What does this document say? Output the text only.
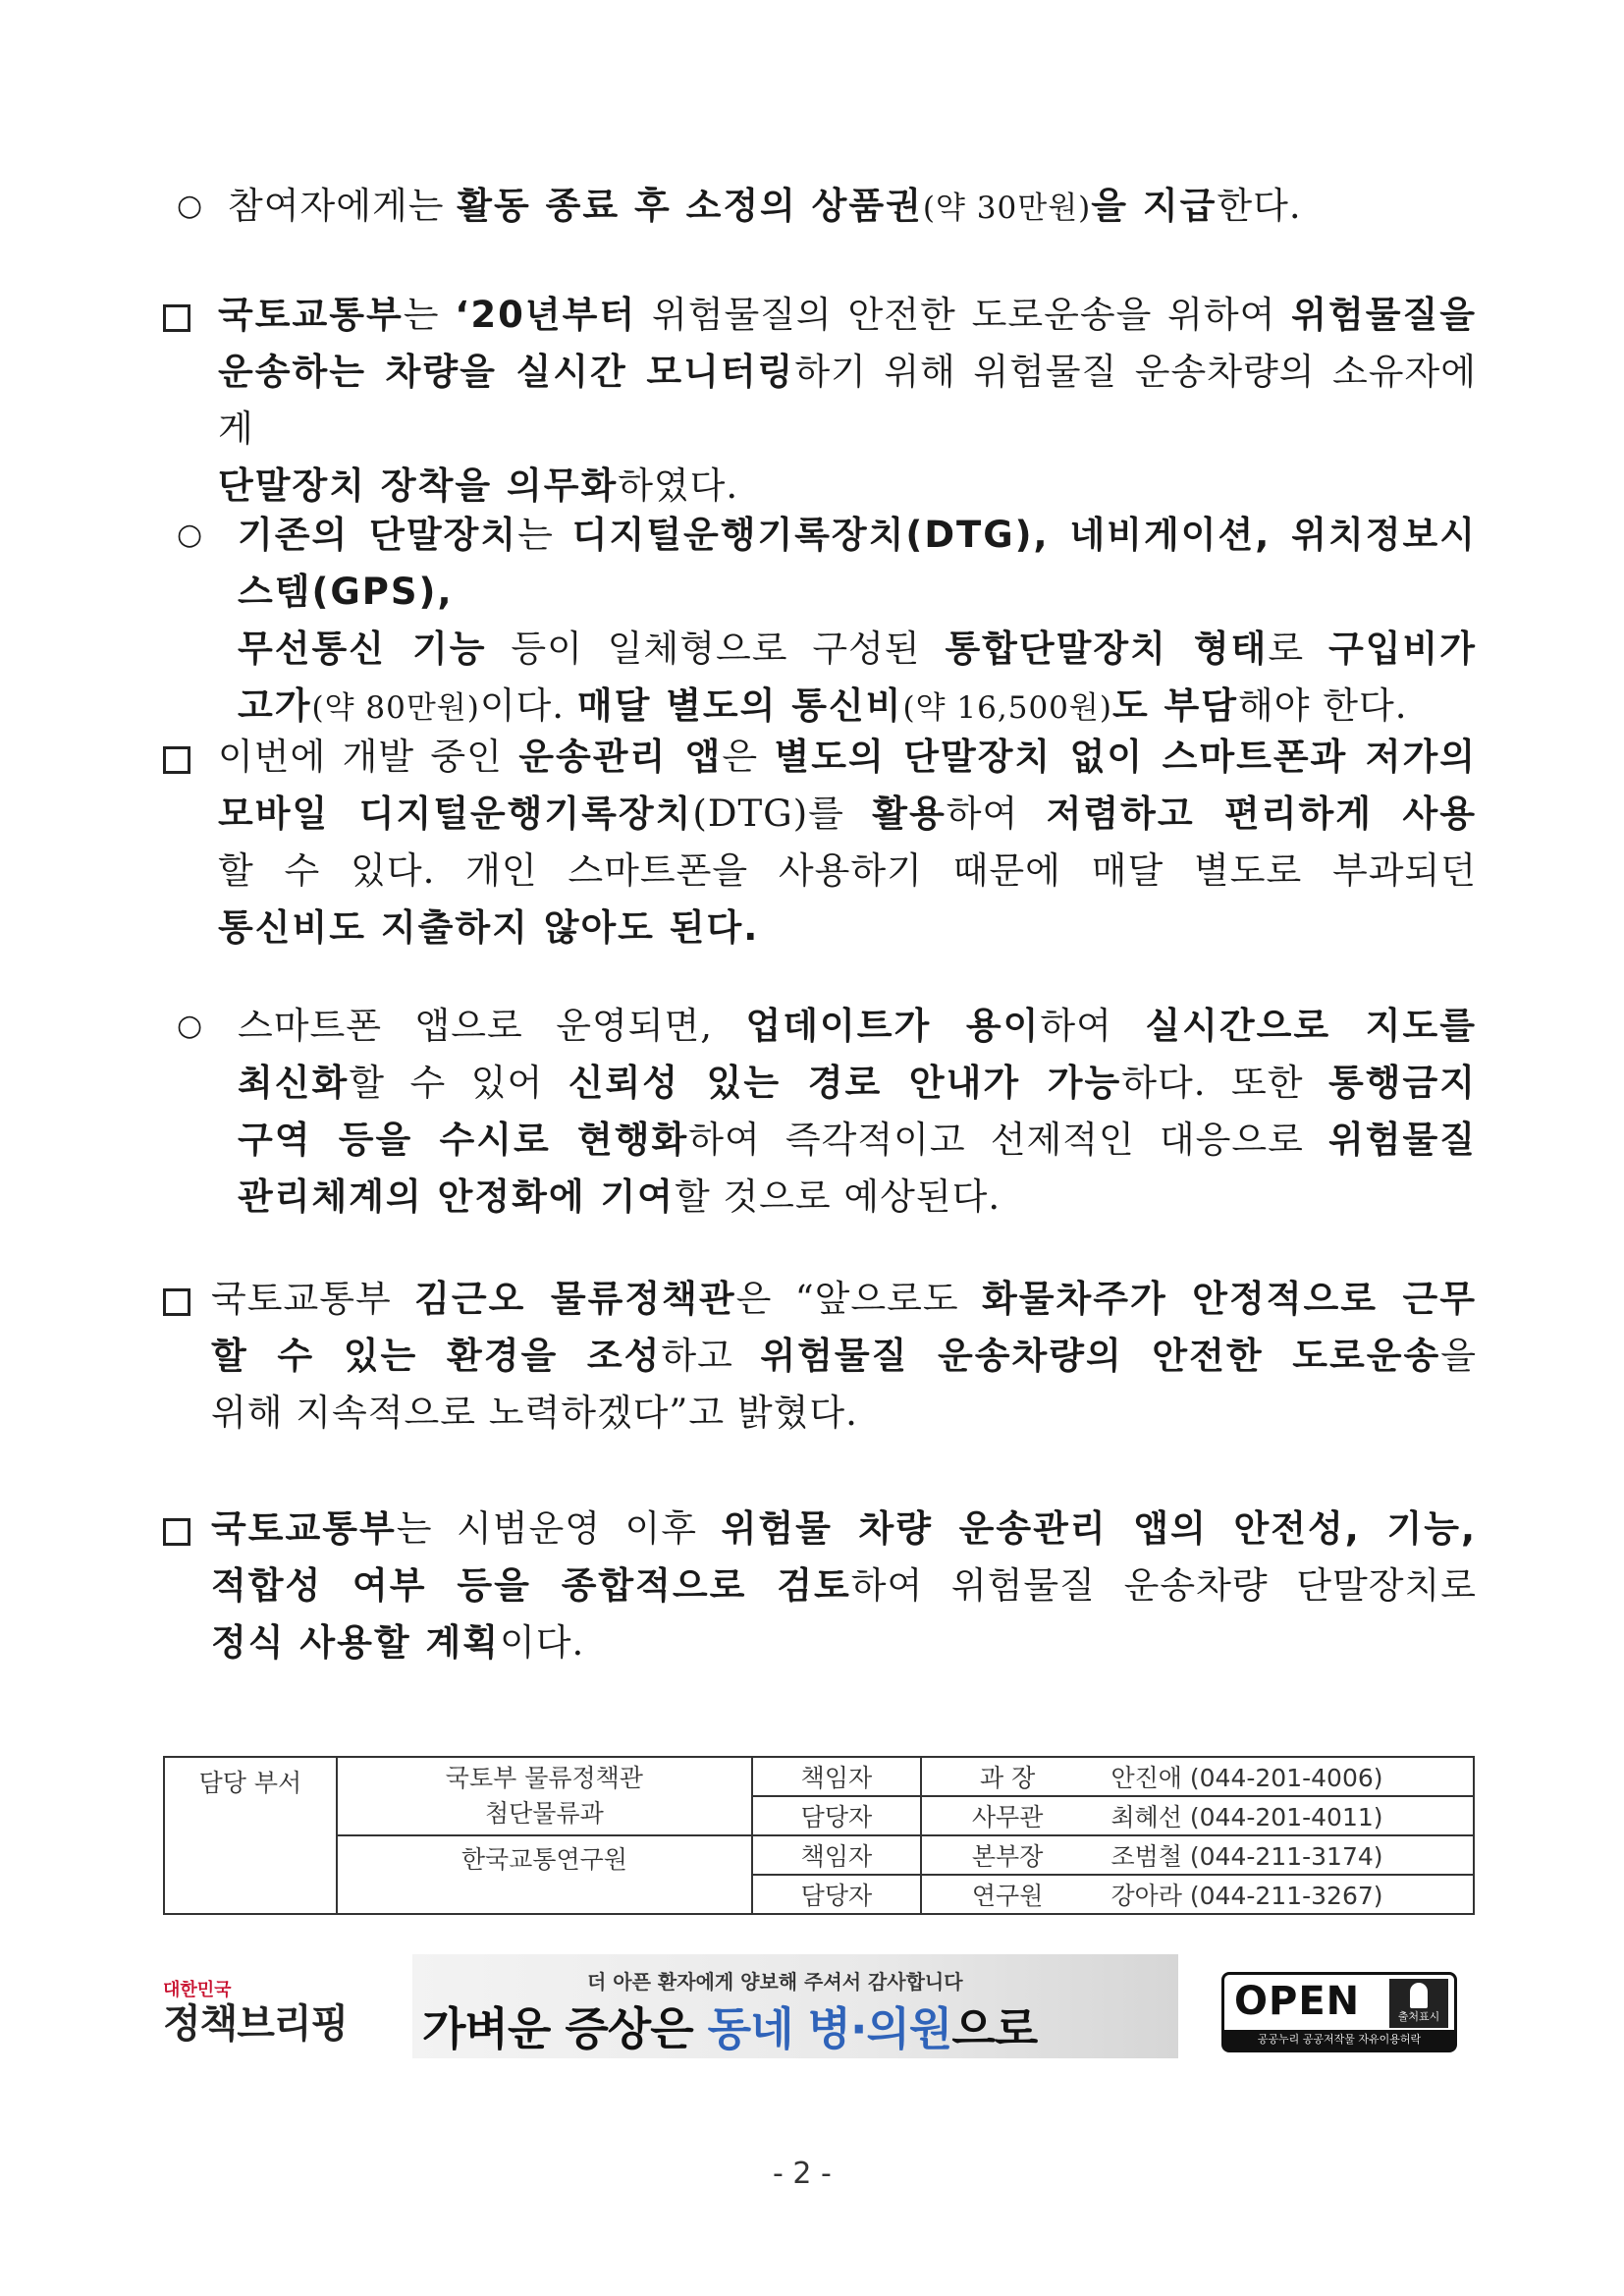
○ 참여자에게는 활동 종료 후 소정의 상품권(약 30만원)을 지급한다.
국토교통부는 ‘20년부터 위험물질의 안전한 도로운송을 위하여 위험물질을
운송하는 차량을 실시간 모니터링하기 위해 위험물질 운송차량의 소유자에게
단말장치 장착을 의무화하였다.
○ 기존의 단말장치는 디지털운행기록장치(DTG), 네비게이션, 위치정보시스템(GPS),
무선통신 기능 등이 일체형으로 구성된 통합단말장치 형태로 구입비가
고가(약 80만원)이다. 매달 별도의 통신비(약 16,500원)도 부담해야 한다.
이번에 개발 중인 운송관리 앱은 별도의 단말장치 없이 스마트폰과 저가의
모바일 디지털운행기록장치(DTG)를 활용하여 저렴하고 편리하게 사용
할 수 있다. 개인 스마트폰을 사용하기 때문에 매달 별도로 부과되던
통신비도 지출하지 않아도 된다.
○ 스마트폰 앱으로 운영되면, 업데이트가 용이하여 실시간으로 지도를
최신화할 수 있어 신뢰성 있는 경로 안내가 가능하다. 또한 통행금지
구역 등을 수시로 현행화하여 즉각적이고 선제적인 대응으로 위험물질
관리체계의 안정화에 기여할 것으로 예상된다.
국토교통부 김근오 물류정책관은 “앞으로도 화물차주가 안정적으로 근무
할 수 있는 환경을 조성하고 위험물질 운송차량의 안전한 도로운송을
위해 지속적으로 노력하겠다”고 밝혔다.
국토교통부는 시범운영 이후 위험물 차량 운송관리 앱의 안전성, 기능,
적합성 여부 등을 종합적으로 검토하여 위험물질 운송차량 단말장치로
정식 사용할 계획이다.
담당 부서	국토부 물류정책관
첨단물류과	책임자	과 장	안진애 (044-201-4006)
		담당자	사무관	최혜선 (044-201-4011)
	한국교통연구원	책임자	본부장	조범철 (044-211-3174)
		담당자	연구원	강아라 (044-211-3267)
대한민국
정책브리핑
더 아픈 환자에게 양보해 주셔서 감사합니다
가벼운 증상은 동네 병·의원으로
OPEN	출처표시
공공누리 공공저작물 자유이용허락
- 2 -
